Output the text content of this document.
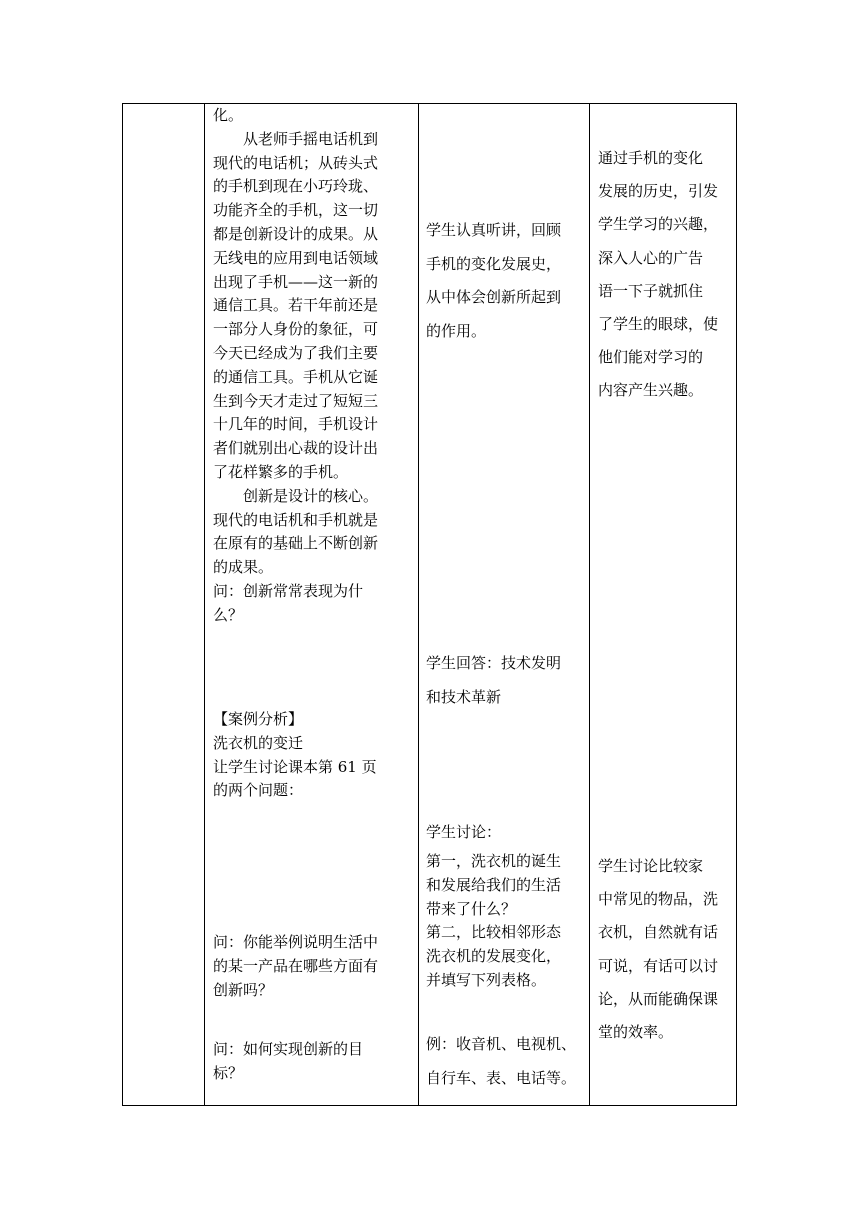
化。

　　从老师手摇电话机到

现代的电话机；从砖头式

的手机到现在小巧玲珑、

功能齐全的手机，这一切

都是创新设计的成果。从

无线电的应用到电话领域

出现了手机——这一新的

通信工具。若干年前还是

一部分人身份的象征，可

今天已经成为了我们主要

的通信工具。手机从它诞

生到今天才走过了短短三

十几年的时间，手机设计

者们就别出心裁的设计出

了花样繁多的手机。

　　创新是设计的核心。

现代的电话机和手机就是

在原有的基础上不断创新

的成果。

问：创新常常表现为什

么？

【案例分析】

洗衣机的变迁

让学生讨论课本第 61 页

的两个问题：

问：你能举例说明生活中

的某一产品在哪些方面有

创新吗？

问：如何实现创新的目

标？

学生认真听讲，回顾

手机的变化发展史，

从中体会创新所起到

的作用。

学生回答：技术发明

和技术革新

学生讨论：

第一，洗衣机的诞生

和发展给我们的生活

带来了什么？

第二，比较相邻形态

洗衣机的发展变化，

并填写下列表格。

例：收音机、电视机、

自行车、表、电话等。

通过手机的变化

发展的历史，引发

学生学习的兴趣，

深入人心的广告

语一下子就抓住

了学生的眼球，使

他们能对学习的

内容产生兴趣。

学生讨论比较家

中常见的物品，洗

衣机，自然就有话

可说，有话可以讨

论，从而能确保课

堂的效率。
